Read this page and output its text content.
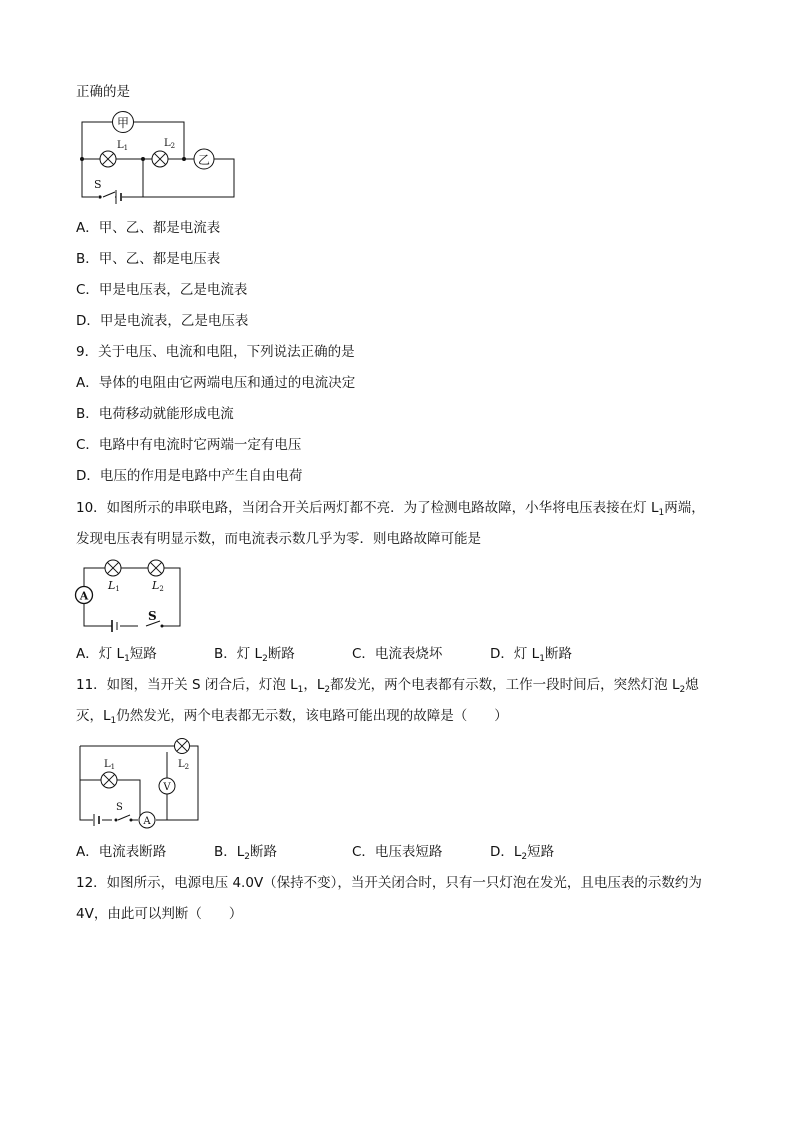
正确的是
甲
$L_1$	$L_2$
乙
S
A．甲、乙、都是电流表
B．甲、乙、都是电压表
C．甲是电压表，乙是电流表
D．甲是电流表，乙是电压表
9．关于电压、电流和电阻，下列说法正确的是
A．导体的电阻由它两端电压和通过的电流决定
B．电荷移动就能形成电流
C．电路中有电流时它两端一定有电压
D．电压的作用是电路中产生自由电荷
10．如图所示的串联电路，当闭合开关后两灯都不亮．为了检测电路故障，小华将电压表接在灯 $L_1$两端，
发现电压表有明显示数，而电流表示数几乎为零．则电路故障可能是
A
L1	L2
S
A．灯 $L_1$短路	B．灯 $L_2$断路	C．电流表烧坏	D．灯 $L_1$断路
11．如图，当开关 S 闭合后，灯泡 $L_1$，$L_2$都发光，两个电表都有示数，工作一段时间后，突然灯泡 $L_2$熄
灭，$L_1$仍然发光，两个电表都无示数，该电路可能出现的故障是（　　）
$L_2$
$L_1$
V
A
S
A．电流表断路	B．$L_2$断路	C．电压表短路	D．$L_2$短路
12．如图所示，电源电压 4.0V（保持不变），当开关闭合时，只有一只灯泡在发光，且电压表的示数约为
4V，由此可以判断（　　）
